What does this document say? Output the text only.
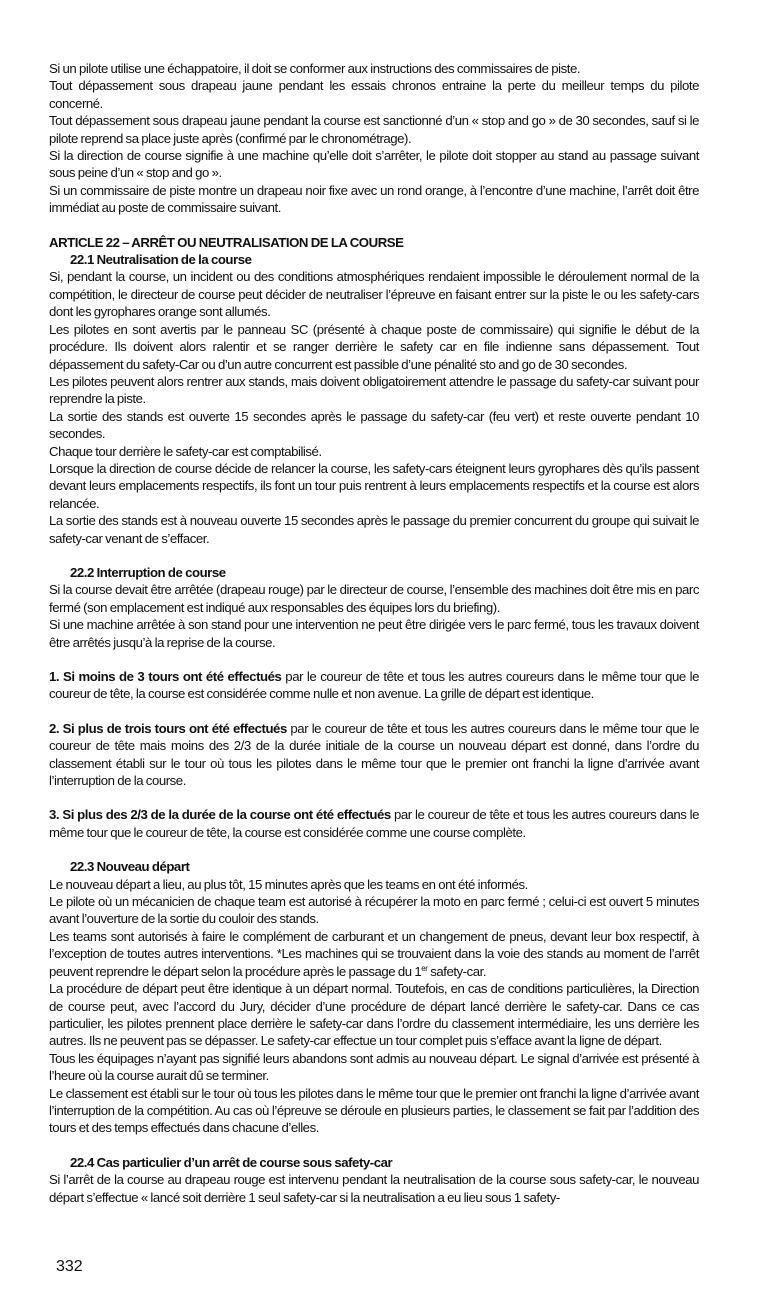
Si un pilote utilise une échappatoire, il doit se conformer aux instructions des commissaires de piste.

Tout dépassement sous drapeau jaune pendant les essais chronos entraine la perte du meilleur temps du pilote concerné.

Tout dépassement sous drapeau jaune pendant la course est sanctionné d’un « stop and go » de 30 secondes, sauf si le pilote reprend sa place juste après (confirmé par le chronométrage).

Si la direction de course signifie à une machine qu’elle doit s’arrêter, le pilote doit stopper au stand au passage suivant sous peine d’un « stop and go ».

Si un commissaire de piste montre un drapeau noir fixe avec un rond orange, à l’encontre d’une machine, l’arrêt doit être immédiat au poste de commissaire suivant.

ARTICLE 22 – ARRÊT OU NEUTRALISATION DE LA COURSE

22.1 Neutralisation de la course

Si, pendant la course, un incident ou des conditions atmosphériques rendaient impossible le déroulement normal de la compétition, le directeur de course peut décider de neutraliser l’épreuve en faisant entrer sur la piste le ou les safety-cars dont les gyrophares orange sont allumés.

Les pilotes en sont avertis par le panneau SC (présenté à chaque poste de commissaire) qui signifie le début de la procédure. Ils doivent alors ralentir et se ranger derrière le safety car en file indienne sans dépassement. Tout dépassement du safety-Car ou d’un autre concurrent est passible d’une pénalité sto and go de 30 secondes.

Les pilotes peuvent alors rentrer aux stands, mais doivent obligatoirement attendre le passage du safety-car suivant pour reprendre la piste.

La sortie des stands est ouverte 15 secondes après le passage du safety-car (feu vert) et reste ouverte pendant 10 secondes.

Chaque tour derrière le safety-car est comptabilisé.

Lorsque la direction de course décide de relancer la course, les safety-cars éteignent leurs gyrophares dès qu’ils passent devant leurs emplacements respectifs, ils font un tour puis rentrent à leurs emplacements respectifs et la course est alors relancée.

La sortie des stands est à nouveau ouverte 15 secondes après le passage du premier concurrent du groupe qui suivait le safety-car venant de s’effacer.

22.2 Interruption de course

Si la course devait être arrêtée (drapeau rouge) par le directeur de course, l’ensemble des machines doit être mis en parc fermé (son emplacement est indiqué aux responsables des équipes lors du briefing).

Si une machine arrêtée à son stand pour une intervention ne peut être dirigée vers le parc fermé, tous les travaux doivent être arrêtés jusqu’à la reprise de la course.

1. Si moins de 3 tours ont été effectués par le coureur de tête et tous les autres coureurs dans le même tour que le coureur de tête, la course est considérée comme nulle et non avenue. La grille de départ est identique.

2. Si plus de trois tours ont été effectués par le coureur de tête et tous les autres coureurs dans le même tour que le coureur de tête mais moins des 2/3 de la durée initiale de la course un nouveau départ est donné, dans l’ordre du classement établi sur le tour où tous les pilotes dans le même tour que le premier ont franchi la ligne d’arrivée avant l’interruption de la course.

3. Si plus des 2/3 de la durée de la course ont été effectués par le coureur de tête et tous les autres coureurs dans le même tour que le coureur de tête, la course est considérée comme une course complète.

22.3 Nouveau départ

Le nouveau départ a lieu, au plus tôt, 15 minutes après que les teams en ont été informés.

Le pilote où un mécanicien de chaque team est autorisé à récupérer la moto en parc fermé ; celui-ci est ouvert 5 minutes avant l’ouverture de la sortie du couloir des stands.

Les teams sont autorisés à faire le complément de carburant et un changement de pneus, devant leur box respectif, à l’exception de toutes autres interventions. *Les machines qui se trouvaient dans la voie des stands au moment de l’arrêt peuvent reprendre le départ selon la procédure après le passage du 1er safety-car.

La procédure de départ peut être identique à un départ normal. Toutefois, en cas de conditions particulières, la Direction de course peut, avec l’accord du Jury, décider d’une procédure de départ lancé derrière le safety-car. Dans ce cas particulier, les pilotes prennent place derrière le safety-car dans l’ordre du classement intermédiaire, les uns derrière les autres. Ils ne peuvent pas se dépasser. Le safety-car effectue un tour complet puis s’efface avant la ligne de départ.

Tous les équipages n’ayant pas signifié leurs abandons sont admis au nouveau départ. Le signal d’arrivée est présenté à l’heure où la course aurait dû se terminer.

Le classement est établi sur le tour où tous les pilotes dans le même tour que le premier ont franchi la ligne d’arrivée avant l’interruption de la compétition. Au cas où l’épreuve se déroule en plusieurs parties, le classement se fait par l’addition des tours et des temps effectués dans chacune d’elles.

22.4 Cas particulier d’un arrêt de course sous safety-car

Si l’arrêt de la course au drapeau rouge est intervenu pendant la neutralisation de la course sous safety-car, le nouveau départ s’effectue « lancé soit derrière 1 seul safety-car si la neutralisation a eu lieu sous 1 safety-

332
